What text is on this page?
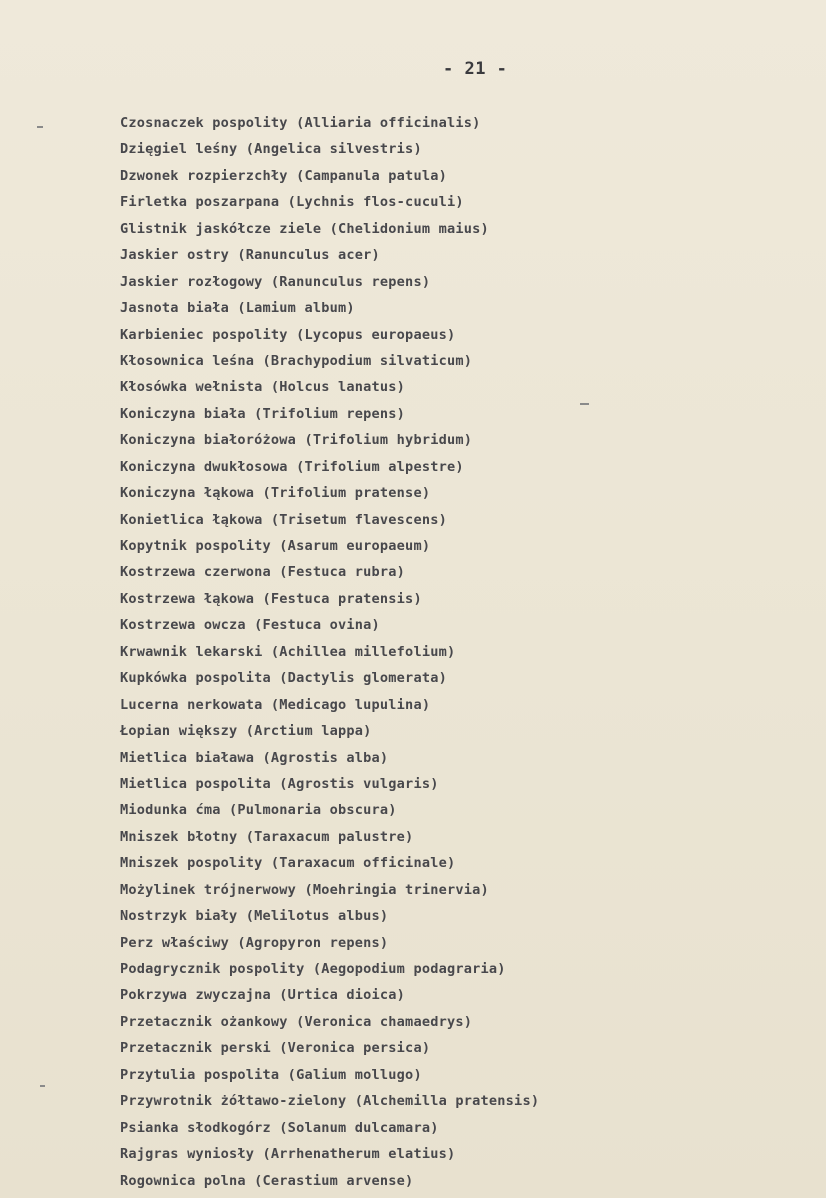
- 21 -
Czosnaczek pospolity (Alliaria officinalis)
Dzięgiel leśny (Angelica silvestris)
Dzwonek rozpierzchły (Campanula patula)
Firletka poszarpana (Lychnis flos-cuculi)
Glistnik jaskółcze ziele (Chelidonium maius)
Jaskier ostry (Ranunculus acer)
Jaskier rozłogowy (Ranunculus repens)
Jasnota biała (Lamium album)
Karbieniec pospolity (Lycopus europaeus)
Kłosownica leśna (Brachypodium silvaticum)
Kłosówka wełnista (Holcus lanatus)
Koniczyna biała (Trifolium repens)
Koniczyna białoróżowa (Trifolium hybridum)
Koniczyna dwukłosowa (Trifolium alpestre)
Koniczyna łąkowa (Trifolium pratense)
Konietlica łąkowa (Trisetum flavescens)
Kopytnik pospolity (Asarum europaeum)
Kostrzewa czerwona (Festuca rubra)
Kostrzewa łąkowa (Festuca pratensis)
Kostrzewa owcza (Festuca ovina)
Krwawnik lekarski (Achillea millefolium)
Kupkówka pospolita (Dactylis glomerata)
Lucerna nerkowata (Medicago lupulina)
Łopian większy (Arctium lappa)
Mietlica biaława (Agrostis alba)
Mietlica pospolita (Agrostis vulgaris)
Miodunka ćma (Pulmonaria obscura)
Mniszek błotny (Taraxacum palustre)
Mniszek pospolity (Taraxacum officinale)
Możylinek trójnerwowy (Moehringia trinervia)
Nostrzyk biały (Melilotus albus)
Perz właściwy (Agropyron repens)
Podagrycznik pospolity (Aegopodium podagraria)
Pokrzywa zwyczajna (Urtica dioica)
Przetacznik ożankowy (Veronica chamaedrys)
Przetacznik perski (Veronica persica)
Przytulia pospolita (Galium mollugo)
Przywrotnik żółtawo-zielony (Alchemilla pratensis)
Psianka słodkogórz (Solanum dulcamara)
Rajgras wyniosły (Arrhenatherum elatius)
Rogownica polna (Cerastium arvense)
